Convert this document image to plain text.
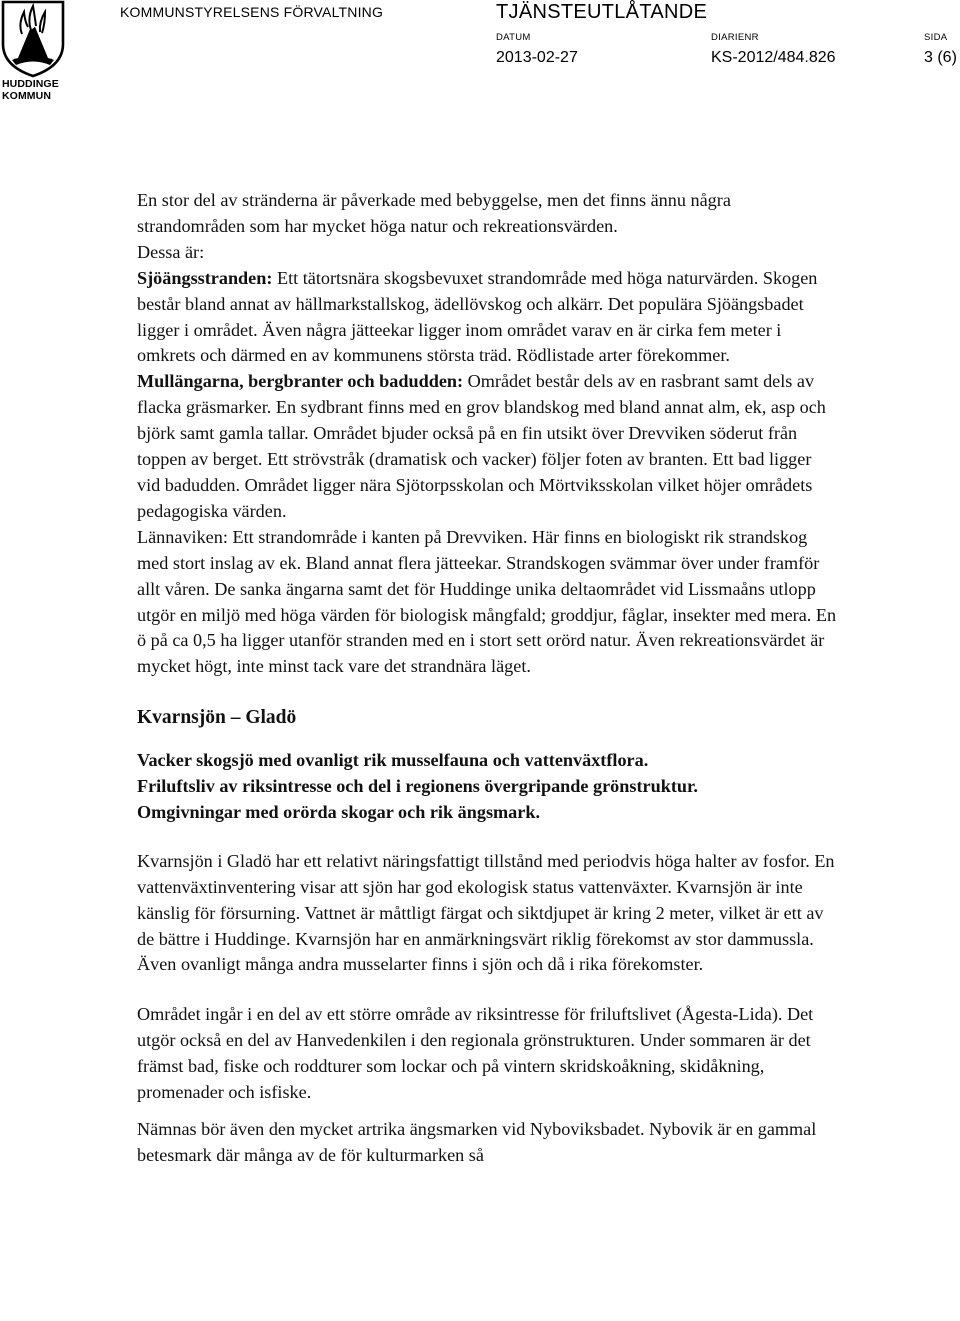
HUDDINGE
KOMMUN
KOMMUNSTYRELSENS FÖRVALTNING	TJÄNSTEUTLÅTANDE
DATUM
2013-02-27
DIARIENR
KS-2012/484.826
SIDA
3 (6)

En stor del av stränderna är påverkade med bebyggelse, men det finns ännu några strandområden som har mycket höga natur och rekreationsvärden.

Dessa är:

Sjöängsstranden: Ett tätortsnära skogsbevuxet strandområde med höga naturvärden. Skogen består bland annat av hällmarkstallskog, ädellövskog och alkärr. Det populära Sjöängsbadet ligger i området. Även några jätteekar ligger inom området varav en är cirka fem meter i omkrets och därmed en av kommunens största träd. Rödlistade arter förekommer.

Mullängarna, bergbranter och badudden: Området består dels av en rasbrant samt dels av flacka gräsmarker. En sydbrant finns med en grov blandskog med bland annat alm, ek, asp och björk samt gamla tallar. Området bjuder också på en fin utsikt över Drevviken söderut från toppen av berget. Ett strövstråk (dramatisk och vacker) följer foten av branten. Ett bad ligger vid badudden. Området ligger nära Sjötorpsskolan och Mörtviksskolan vilket höjer områdets pedagogiska värden.

Lännaviken: Ett strandområde i kanten på Drevviken. Här finns en biologiskt rik strandskog med stort inslag av ek. Bland annat flera jätteekar. Strandskogen svämmar över under framför allt våren. De sanka ängarna samt det för Huddinge unika deltaområdet vid Lissmaåns utlopp utgör en miljö med höga värden för biologisk mångfald; groddjur, fåglar, insekter med mera. En ö på ca 0,5 ha ligger utanför stranden med en i stort sett orörd natur. Även rekreationsvärdet är mycket högt, inte minst tack vare det strandnära läget.

Kvarnsjön – Gladö

Vacker skogsjö med ovanligt rik musselfauna och vattenväxtflora.

Friluftsliv av riksintresse och del i regionens övergripande grönstruktur.

Omgivningar med orörda skogar och rik ängsmark.

Kvarnsjön i Gladö har ett relativt näringsfattigt tillstånd med periodvis höga halter av fosfor. En vattenväxtinventering visar att sjön har god ekologisk status vattenväxter. Kvarnsjön är inte känslig för försurning. Vattnet är måttligt färgat och siktdjupet är kring 2 meter, vilket är ett av de bättre i Huddinge. Kvarnsjön har en anmärkningsvärt riklig förekomst av stor dammussla. Även ovanligt många andra musselarter finns i sjön och då i rika förekomster.

Området ingår i en del av ett större område av riksintresse för friluftslivet (Ågesta-Lida). Det utgör också en del av Hanvedenkilen i den regionala grönstrukturen. Under sommaren är det främst bad, fiske och roddturer som lockar och på vintern skridskoåkning, skidåkning, promenader och isfiske.

Nämnas bör även den mycket artrika ängsmarken vid Nyboviksbadet. Nybovik är en gammal betesmark där många av de för kulturmarken så
